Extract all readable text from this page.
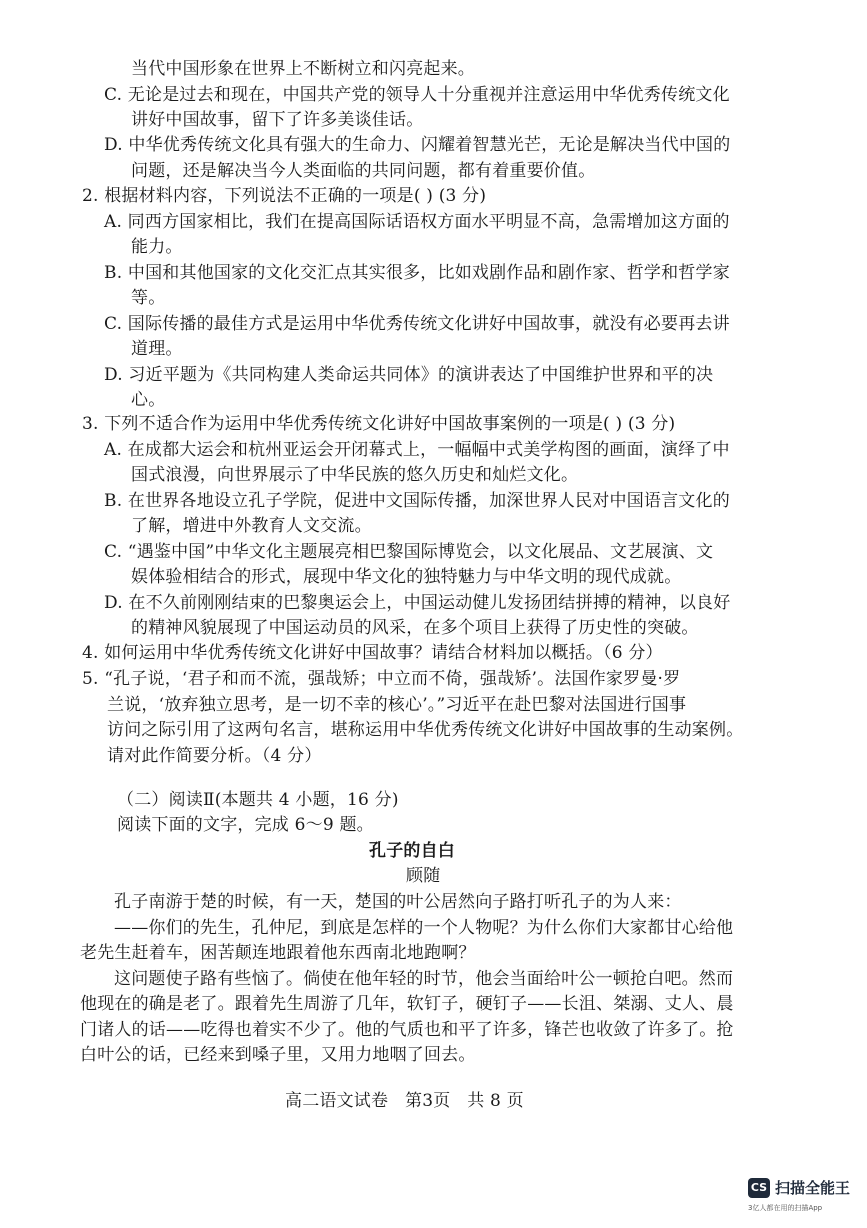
当代中国形象在世界上不断树立和闪亮起来。
C. 无论是过去和现在，中国共产党的领导人十分重视并注意运用中华优秀传统文化
讲好中国故事，留下了许多美谈佳话。
D. 中华优秀传统文化具有强大的生命力、闪耀着智慧光芒，无论是解决当代中国的
问题，还是解决当今人类面临的共同问题，都有着重要价值。
2. 根据材料内容，下列说法不正确的一项是( ) (3 分)
A. 同西方国家相比，我们在提高国际话语权方面水平明显不高，急需增加这方面的
能力。
B. 中国和其他国家的文化交汇点其实很多，比如戏剧作品和剧作家、哲学和哲学家
等。
C. 国际传播的最佳方式是运用中华优秀传统文化讲好中国故事，就没有必要再去讲
道理。
D. 习近平题为《共同构建人类命运共同体》的演讲表达了中国维护世界和平的决
心。
3. 下列不适合作为运用中华优秀传统文化讲好中国故事案例的一项是( ) (3 分)
A. 在成都大运会和杭州亚运会开闭幕式上，一幅幅中式美学构图的画面，演绎了中
国式浪漫，向世界展示了中华民族的悠久历史和灿烂文化。
B. 在世界各地设立孔子学院，促进中文国际传播，加深世界人民对中国语言文化的
了解，增进中外教育人文交流。
C. “遇鉴中国”中华文化主题展亮相巴黎国际博览会，以文化展品、文艺展演、文
娱体验相结合的形式，展现中华文化的独特魅力与中华文明的现代成就。
D. 在不久前刚刚结束的巴黎奥运会上，中国运动健儿发扬团结拼搏的精神，以良好
的精神风貌展现了中国运动员的风采，在多个项目上获得了历史性的突破。
4. 如何运用中华优秀传统文化讲好中国故事？请结合材料加以概括。（6 分）
5. “孔子说，‘君子和而不流，强哉矫；中立而不倚，强哉矫’。法国作家罗曼·罗
兰说，‘放弃独立思考，是一切不幸的核心’。”习近平在赴巴黎对法国进行国事
访问之际引用了这两句名言，堪称运用中华优秀传统文化讲好中国故事的生动案例。
请对此作简要分析。（4 分）
（二）阅读Ⅱ(本题共 4 小题，16 分)
阅读下面的文字，完成 6～9 题。
孔子的自白
顾随
孔子南游于楚的时候，有一天，楚国的叶公居然向子路打听孔子的为人来：
——你们的先生，孔仲尼，到底是怎样的一个人物呢？为什么你们大家都甘心给他
老先生赶着车，困苦颠连地跟着他东西南北地跑啊？
这问题使子路有些恼了。倘使在他年轻的时节，他会当面给叶公一顿抢白吧。然而
他现在的确是老了。跟着先生周游了几年，软钉子，硬钉子——长沮、桀溺、丈人、晨
门诸人的话——吃得也着实不少了。他的气质也和平了许多，锋芒也收敛了许多了。抢
白叶公的话，已经来到嗓子里，又用力地咽了回去。
高二语文试卷   第3页   共 8 页
CS 扫描全能王
3亿人都在用的扫描App
